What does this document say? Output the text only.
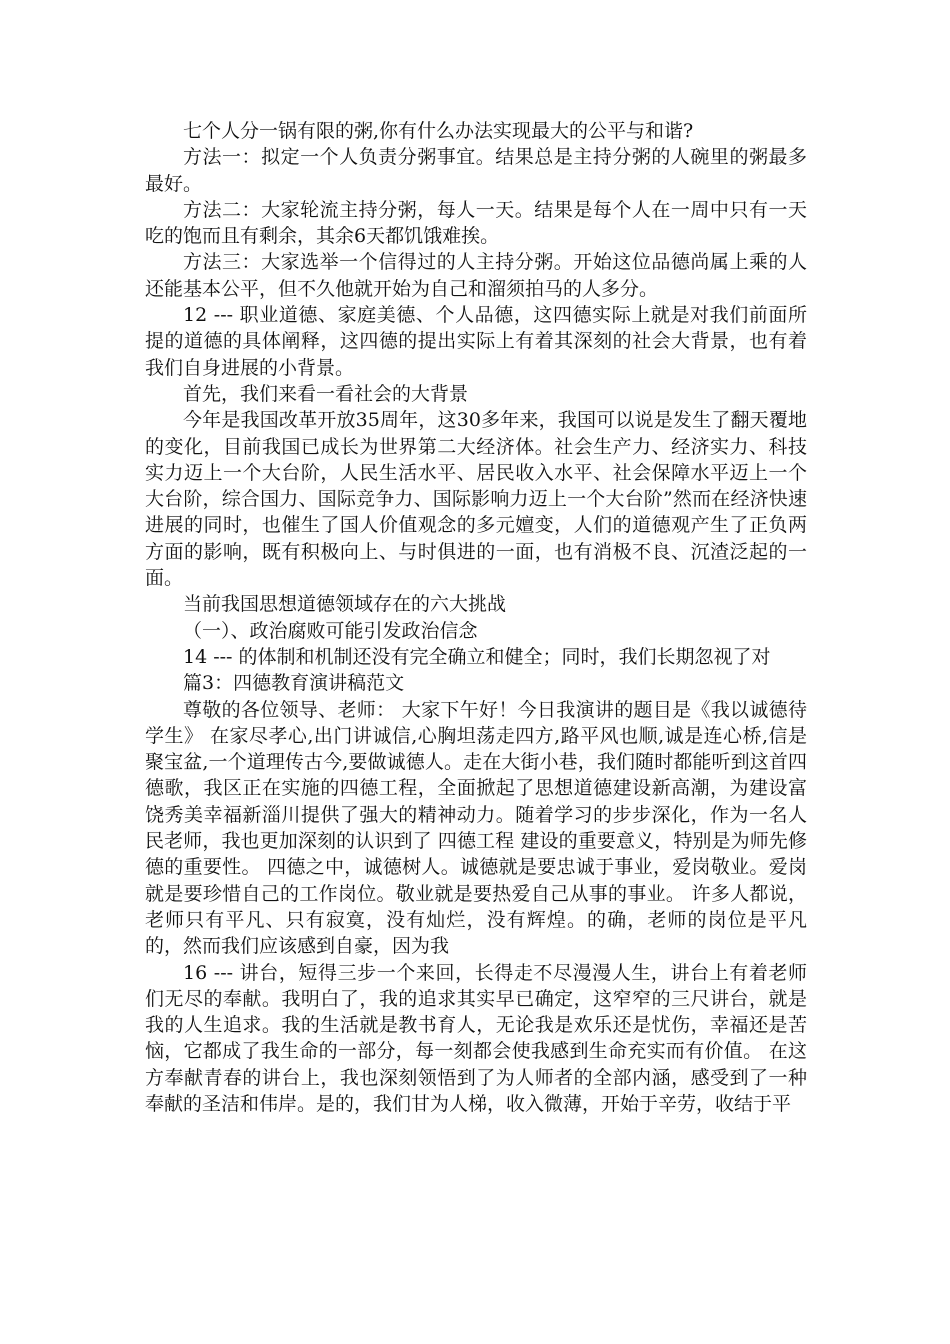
七个人分一锅有限的粥,你有什么办法实现最大的公平与和谐?

方法一：拟定一个人负责分粥事宜。结果总是主持分粥的人碗里的粥最多最好。

方法二：大家轮流主持分粥，每人一天。结果是每个人在一周中只有一天吃的饱而且有剩余，其余6天都饥饿难挨。

方法三：大家选举一个信得过的人主持分粥。开始这位品德尚属上乘的人还能基本公平，但不久他就开始为自己和溜须拍马的人多分。

12 --- 职业道德、家庭美德、个人品德，这四德实际上就是对我们前面所提的道德的具体阐释，这四德的提出实际上有着其深刻的社会大背景，也有着我们自身进展的小背景。

首先，我们来看一看社会的大背景

今年是我国改革开放35周年，这30多年来，我国可以说是发生了翻天覆地的变化，目前我国已成长为世界第二大经济体。社会生产力、经济实力、科技实力迈上一个大台阶，人民生活水平、居民收入水平、社会保障水平迈上一个大台阶，综合国力、国际竞争力、国际影响力迈上一个大台阶”然而在经济快速进展的同时，也催生了国人价值观念的多元嬗变，人们的道德观产生了正负两方面的影响，既有积极向上、与时俱进的一面，也有消极不良、沉渣泛起的一面。

当前我国思想道德领域存在的六大挑战

（一）、政治腐败可能引发政治信念

14 --- 的体制和机制还没有完全确立和健全；同时，我们长期忽视了对

篇3：四德教育演讲稿范文

尊敬的各位领导、老师： 大家下午好！今日我演讲的题目是《我以诚德待学生》 在家尽孝心,出门讲诚信,心胸坦荡走四方,路平风也顺,诚是连心桥,信是聚宝盆,一个道理传古今,要做诚德人。走在大街小巷，我们随时都能听到这首四德歌，我区正在实施的四德工程，全面掀起了思想道德建设新高潮，为建设富饶秀美幸福新淄川提供了强大的精神动力。随着学习的步步深化，作为一名人民老师，我也更加深刻的认识到了 四德工程 建设的重要意义，特别是为师先修德的重要性。 四德之中，诚德树人。诚德就是要忠诚于事业，爱岗敬业。爱岗就是要珍惜自己的工作岗位。敬业就是要热爱自己从事的事业。 许多人都说，老师只有平凡、只有寂寞，没有灿烂，没有辉煌。的确，老师的岗位是平凡的，然而我们应该感到自豪，因为我

16 --- 讲台，短得三步一个来回，长得走不尽漫漫人生，讲台上有着老师们无尽的奉献。我明白了，我的追求其实早已确定，这窄窄的三尺讲台，就是我的人生追求。我的生活就是教书育人，无论我是欢乐还是忧伤，幸福还是苦恼，它都成了我生命的一部分，每一刻都会使我感到生命充实而有价值。 在这方奉献青春的讲台上，我也深刻领悟到了为人师者的全部内涵，感受到了一种奉献的圣洁和伟岸。是的，我们甘为人梯，收入微薄，开始于辛劳，收结于平
